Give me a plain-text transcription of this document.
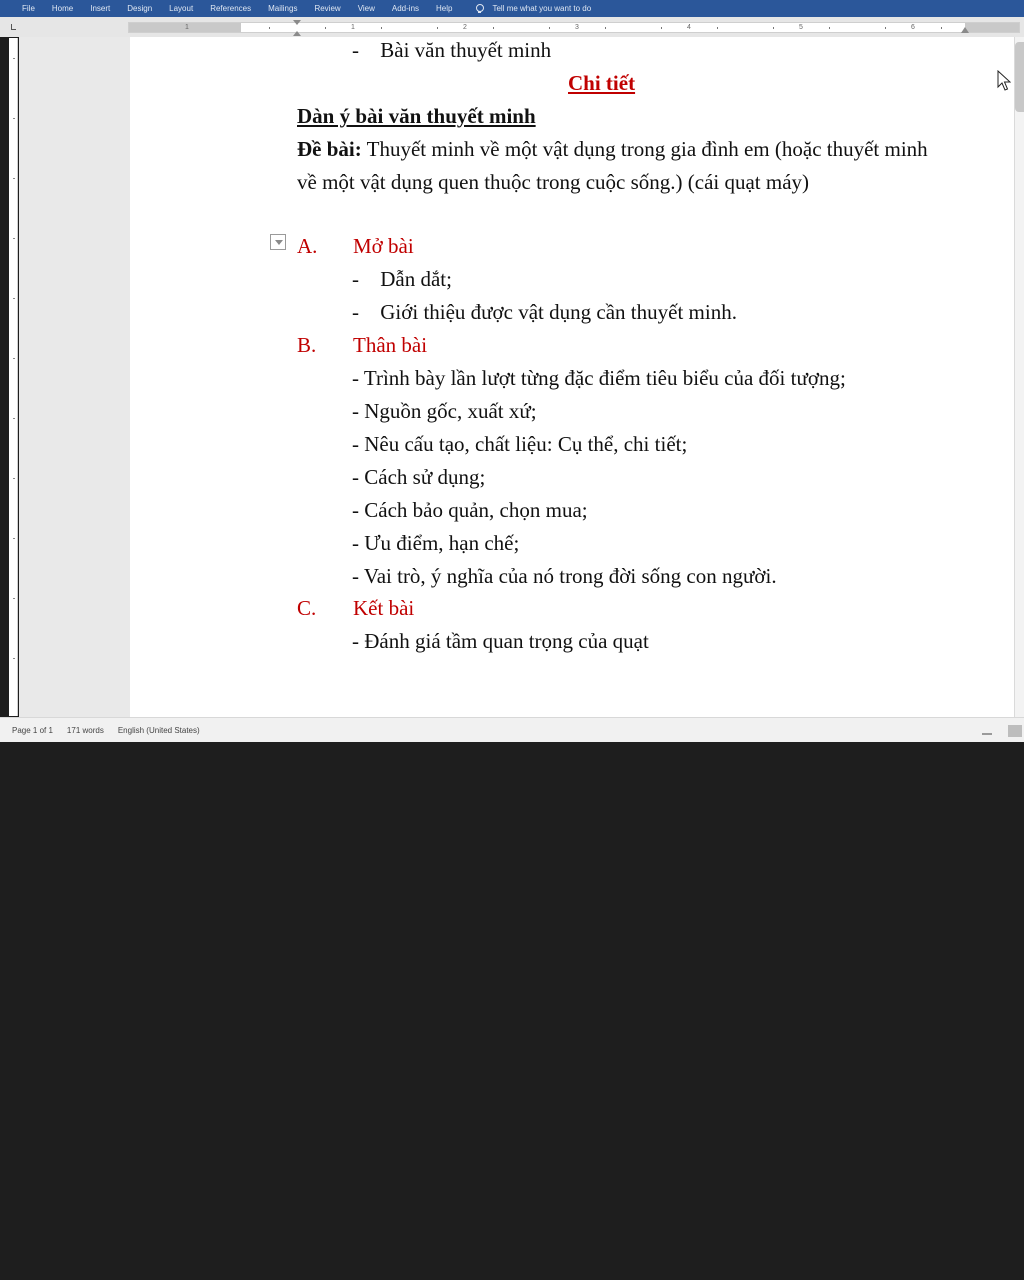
File Home Insert Design Layout References Mailings Review View Add-ins Help	Tell me what you want to do
1	1	2	3	4	5	6
- Bài văn thuyết minh
Chi tiết
Dàn ý bài văn thuyết minh
Đề bài: Thuyết minh về một vật dụng trong gia đình em (hoặc thuyết minh
về một vật dụng quen thuộc trong cuộc sống.) (cái quạt máy)
A. Mở bài
- Dẫn dắt;
- Giới thiệu được vật dụng cần thuyết minh.
B. Thân bài
- Trình bày lần lượt từng đặc điểm tiêu biểu của đối tượng;
- Nguồn gốc, xuất xứ;
- Nêu cấu tạo, chất liệu: Cụ thể, chi tiết;
- Cách sử dụng;
- Cách bảo quản, chọn mua;
- Ưu điểm, hạn chế;
- Vai trò, ý nghĩa của nó trong đời sống con người.
C. Kết bài
- Đánh giá tầm quan trọng của quạt
Page 1 of 1 171 words English (United States)
